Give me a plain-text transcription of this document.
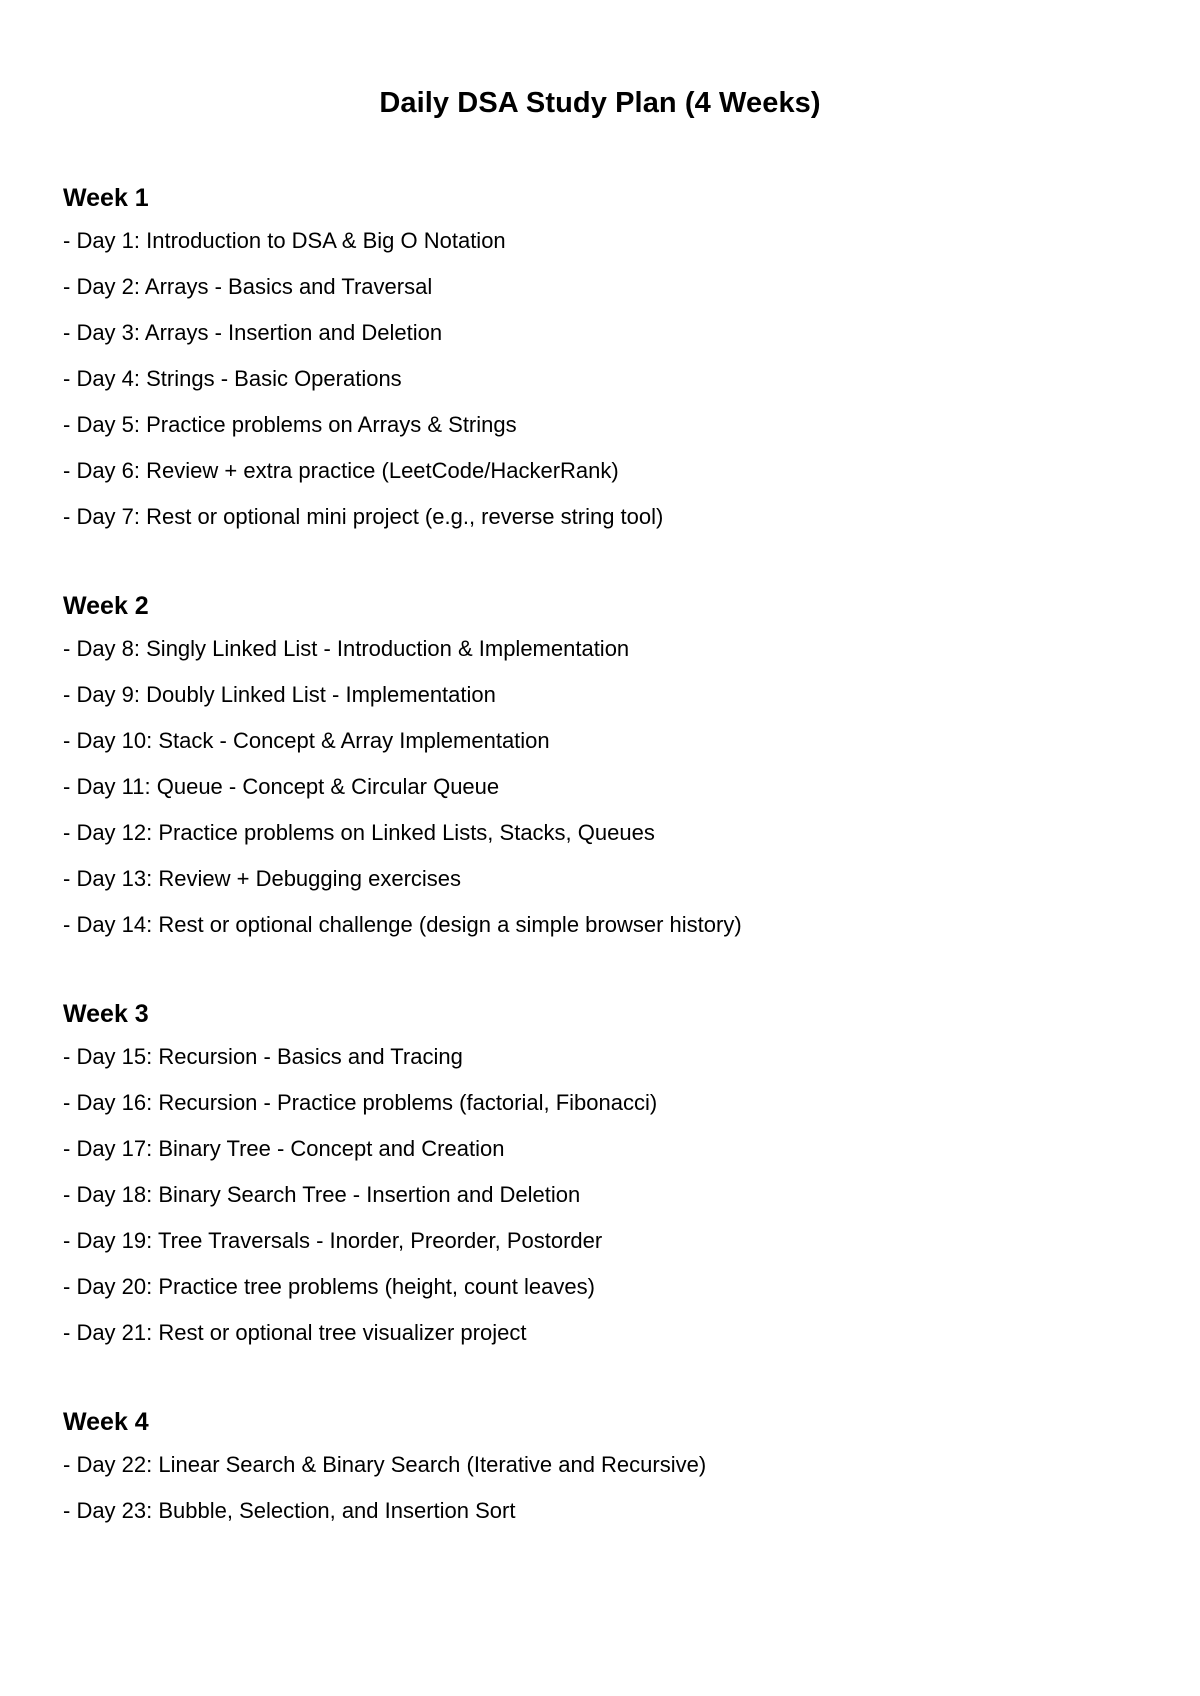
Daily DSA Study Plan (4 Weeks)
Week 1
- Day 1: Introduction to DSA & Big O Notation
- Day 2: Arrays - Basics and Traversal
- Day 3: Arrays - Insertion and Deletion
- Day 4: Strings - Basic Operations
- Day 5: Practice problems on Arrays & Strings
- Day 6: Review + extra practice (LeetCode/HackerRank)
- Day 7: Rest or optional mini project (e.g., reverse string tool)
Week 2
- Day 8: Singly Linked List - Introduction & Implementation
- Day 9: Doubly Linked List - Implementation
- Day 10: Stack - Concept & Array Implementation
- Day 11: Queue - Concept & Circular Queue
- Day 12: Practice problems on Linked Lists, Stacks, Queues
- Day 13: Review + Debugging exercises
- Day 14: Rest or optional challenge (design a simple browser history)
Week 3
- Day 15: Recursion - Basics and Tracing
- Day 16: Recursion - Practice problems (factorial, Fibonacci)
- Day 17: Binary Tree - Concept and Creation
- Day 18: Binary Search Tree - Insertion and Deletion
- Day 19: Tree Traversals - Inorder, Preorder, Postorder
- Day 20: Practice tree problems (height, count leaves)
- Day 21: Rest or optional tree visualizer project
Week 4
- Day 22: Linear Search & Binary Search (Iterative and Recursive)
- Day 23: Bubble, Selection, and Insertion Sort
